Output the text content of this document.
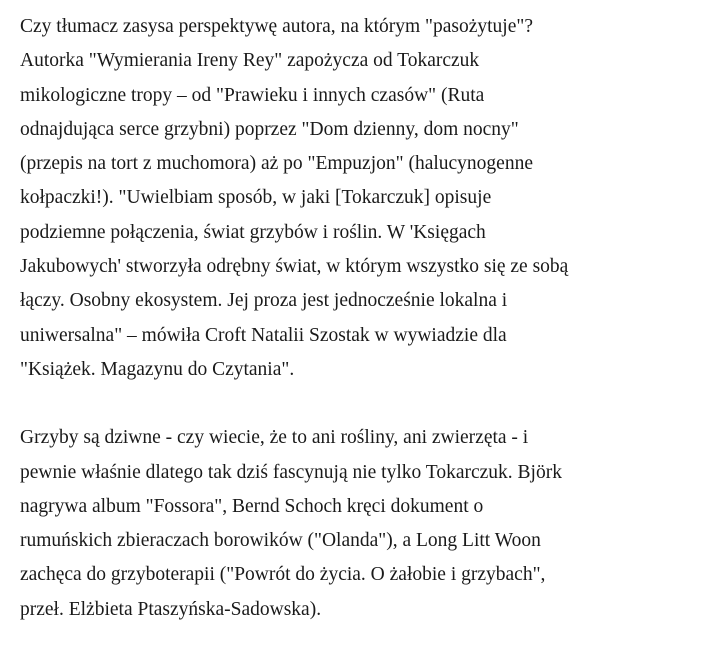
Czy tłumacz zasysa perspektywę autora, na którym "pasożytuje"?
Autorka "Wymierania Ireny Rey" zapożycza od Tokarczuk
mikologiczne tropy – od "Prawieku i innych czasów" (Ruta
odnajdująca serce grzybni) poprzez "Dom dzienny, dom nocny"
(przepis na tort z muchomora) aż po "Empuzjon" (halucynogenne
kołpaczki!). "Uwielbiam sposób, w jaki [Tokarczuk] opisuje
podziemne połączenia, świat grzybów i roślin. W 'Księgach
Jakubowych' stworzyła odrębny świat, w którym wszystko się ze sobą
łączy. Osobny ekosystem. Jej proza jest jednocześnie lokalna i
uniwersalna" – mówiła Croft Natalii Szostak w wywiadzie dla
"Książek. Magazynu do Czytania".

Grzyby są dziwne - czy wiecie, że to ani rośliny, ani zwierzęta - i
pewnie właśnie dlatego tak dziś fascynują nie tylko Tokarczuk. Björk
nagrywa album "Fossora", Bernd Schoch kręci dokument o
rumuńskich zbieraczach borowików ("Olanda"), a Long Litt Woon
zachęca do grzyboterapii ("Powrót do życia. O żałobie i grzybach",
przeł. Elżbieta Ptaszyńska-Sadowska).
